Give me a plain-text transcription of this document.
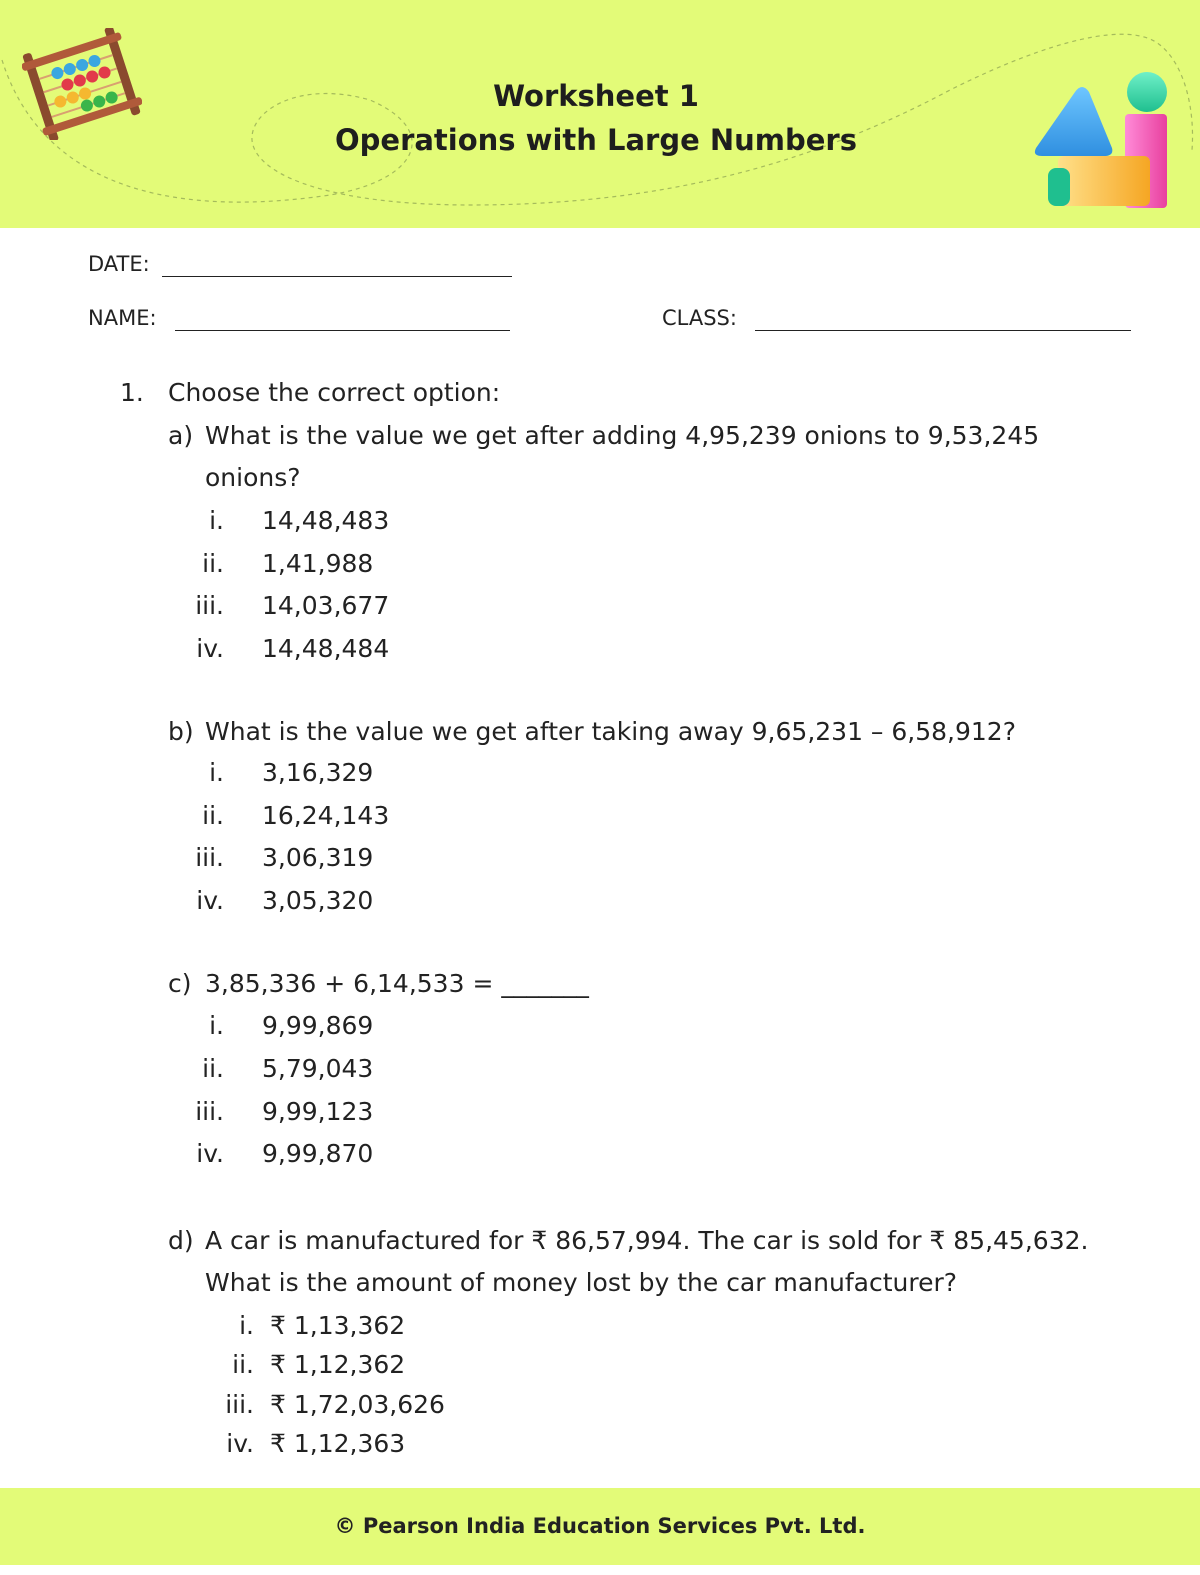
Worksheet 1
Operations with Large Numbers
DATE:
NAME:	CLASS:
1. Choose the correct option:
a) What is the value we get after adding 4,95,239 onions to 9,53,245
onions?
i. 14,48,483
ii. 1,41,988
iii. 14,03,677
iv. 14,48,484
b) What is the value we get after taking away 9,65,231 – 6,58,912?
i. 3,16,329
ii. 16,24,143
iii. 3,06,319
iv. 3,05,320
c) 3,85,336 + 6,14,533 = _______
i. 9,99,869
ii. 5,79,043
iii. 9,99,123
iv. 9,99,870
d) A car is manufactured for ₹ 86,57,994. The car is sold for ₹ 85,45,632.
What is the amount of money lost by the car manufacturer?
i. ₹ 1,13,362
ii. ₹ 1,12,362
iii. ₹ 1,72,03,626
iv. ₹ 1,12,363
© Pearson India Education Services Pvt. Ltd.
